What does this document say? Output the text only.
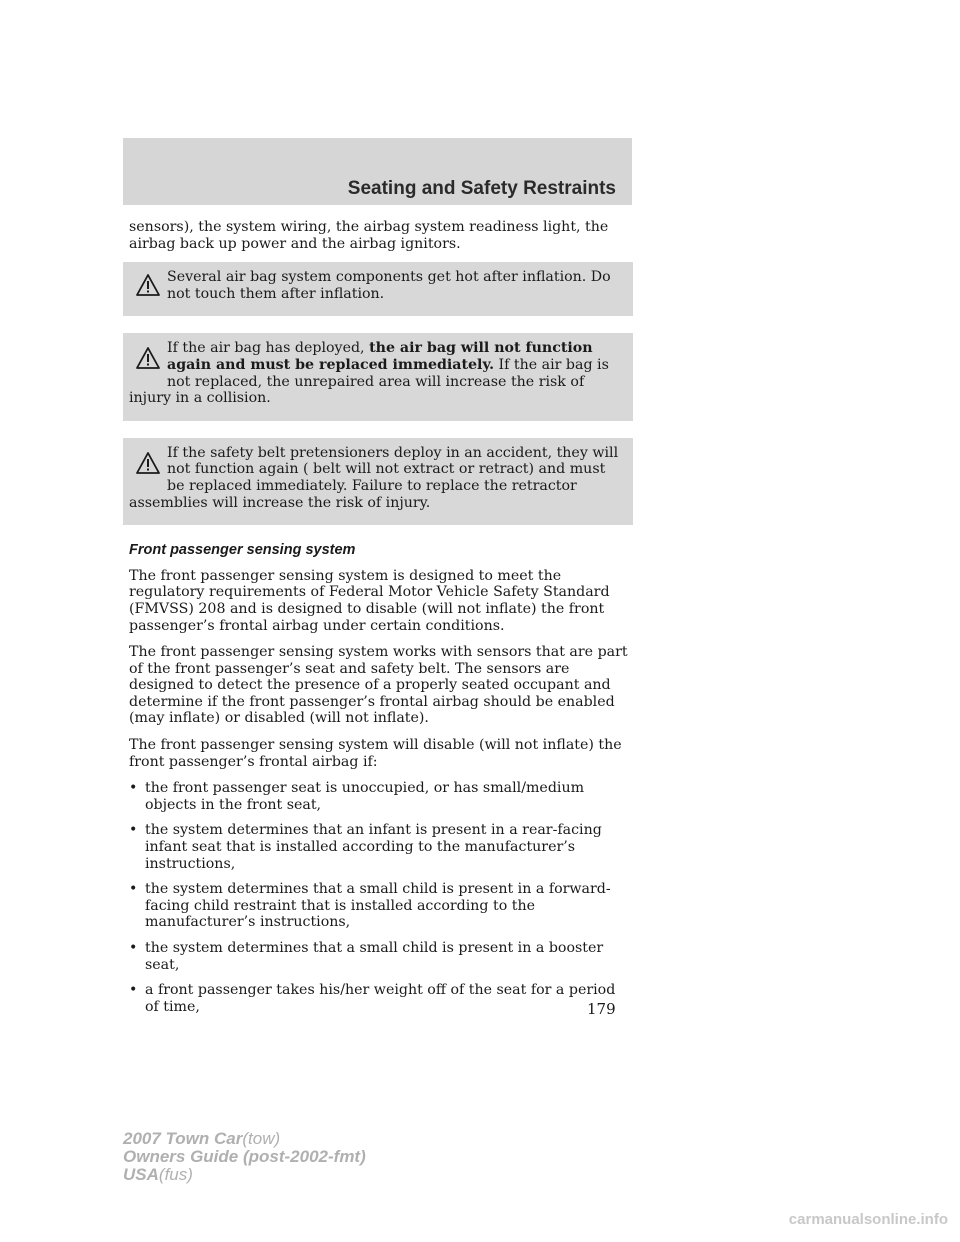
Seating and Safety Restraints

sensors), the system wiring, the airbag system readiness light, the airbag back up power and the airbag ignitors.

Several air bag system components get hot after inflation. Do not touch them after inflation.

If the air bag has deployed, the air bag will not function again and must be replaced immediately. If the air bag is not replaced, the unrepaired area will increase the risk of injury in a collision.

If the safety belt pretensioners deploy in an accident, they will not function again ( belt will not extract or retract) and must be replaced immediately. Failure to replace the retractor assemblies will increase the risk of injury.

Front passenger sensing system

The front passenger sensing system is designed to meet the regulatory requirements of Federal Motor Vehicle Safety Standard (FMVSS) 208 and is designed to disable (will not inflate) the front passenger’s frontal airbag under certain conditions.

The front passenger sensing system works with sensors that are part of the front passenger’s seat and safety belt. The sensors are designed to detect the presence of a properly seated occupant and determine if the front passenger’s frontal airbag should be enabled (may inflate) or disabled (will not inflate).

The front passenger sensing system will disable (will not inflate) the front passenger’s frontal airbag if:

• the front passenger seat is unoccupied, or has small/medium objects in the front seat,
• the system determines that an infant is present in a rear-facing infant seat that is installed according to the manufacturer’s instructions,
• the system determines that a small child is present in a forward-facing child restraint that is installed according to the manufacturer’s instructions,
• the system determines that a small child is present in a booster seat,
• a front passenger takes his/her weight off of the seat for a period of time,	179
2007 Town Car(tow)
Owners Guide (post-2002-fmt)
USA(fus)
carmanualsonline.info
